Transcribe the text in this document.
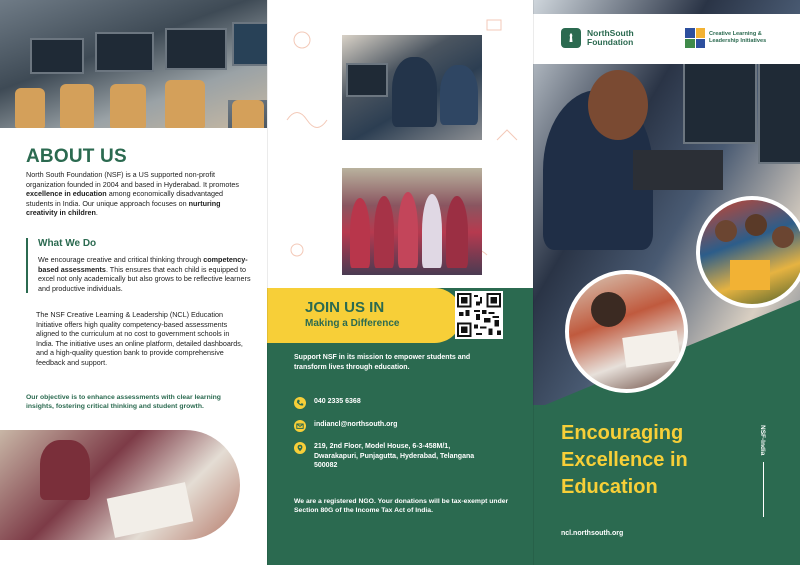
ABOUT US

North South Foundation (NSF) is a US supported non-profit organization founded in 2004 and based in Hyderabad. It promotes excellence in education among economically disadvantaged students in India. Our unique approach focuses on nurturing creativity in children.

What We Do

We encourage creative and critical thinking through competency-based assessments. This ensures that each child is equipped to excel not only academically but also grows to be reflective learners and productive individuals.

The NSF Creative Learning & Leadership (NCL) Education Initiative offers high quality competency-based assessments aligned to the curriculum at no cost to government schools in India. The initiative uses an online platform, detailed dashboards, and a high-quality question bank to provide comprehensive feedback and support.

Our objective is to enhance assessments with clear learning insights, fostering critical thinking and student growth.

JOIN US IN

Making a Difference

Support NSF in its mission to empower students and transform lives through education.

040 2335 6368

indiancl@northsouth.org

219, 2nd Floor, Model House, 6-3-458M/1, Dwarakapuri, Punjagutta, Hyderabad, Telangana 500082

We are a registered NGO. Your donations will be tax-exempt under Section 80G of the Income Tax Act of India.

NorthSouth
Foundation
Creative Learning &
Leadership Initiatives

Encouraging Excellence in Education

NSF-India
ncl.northsouth.org
